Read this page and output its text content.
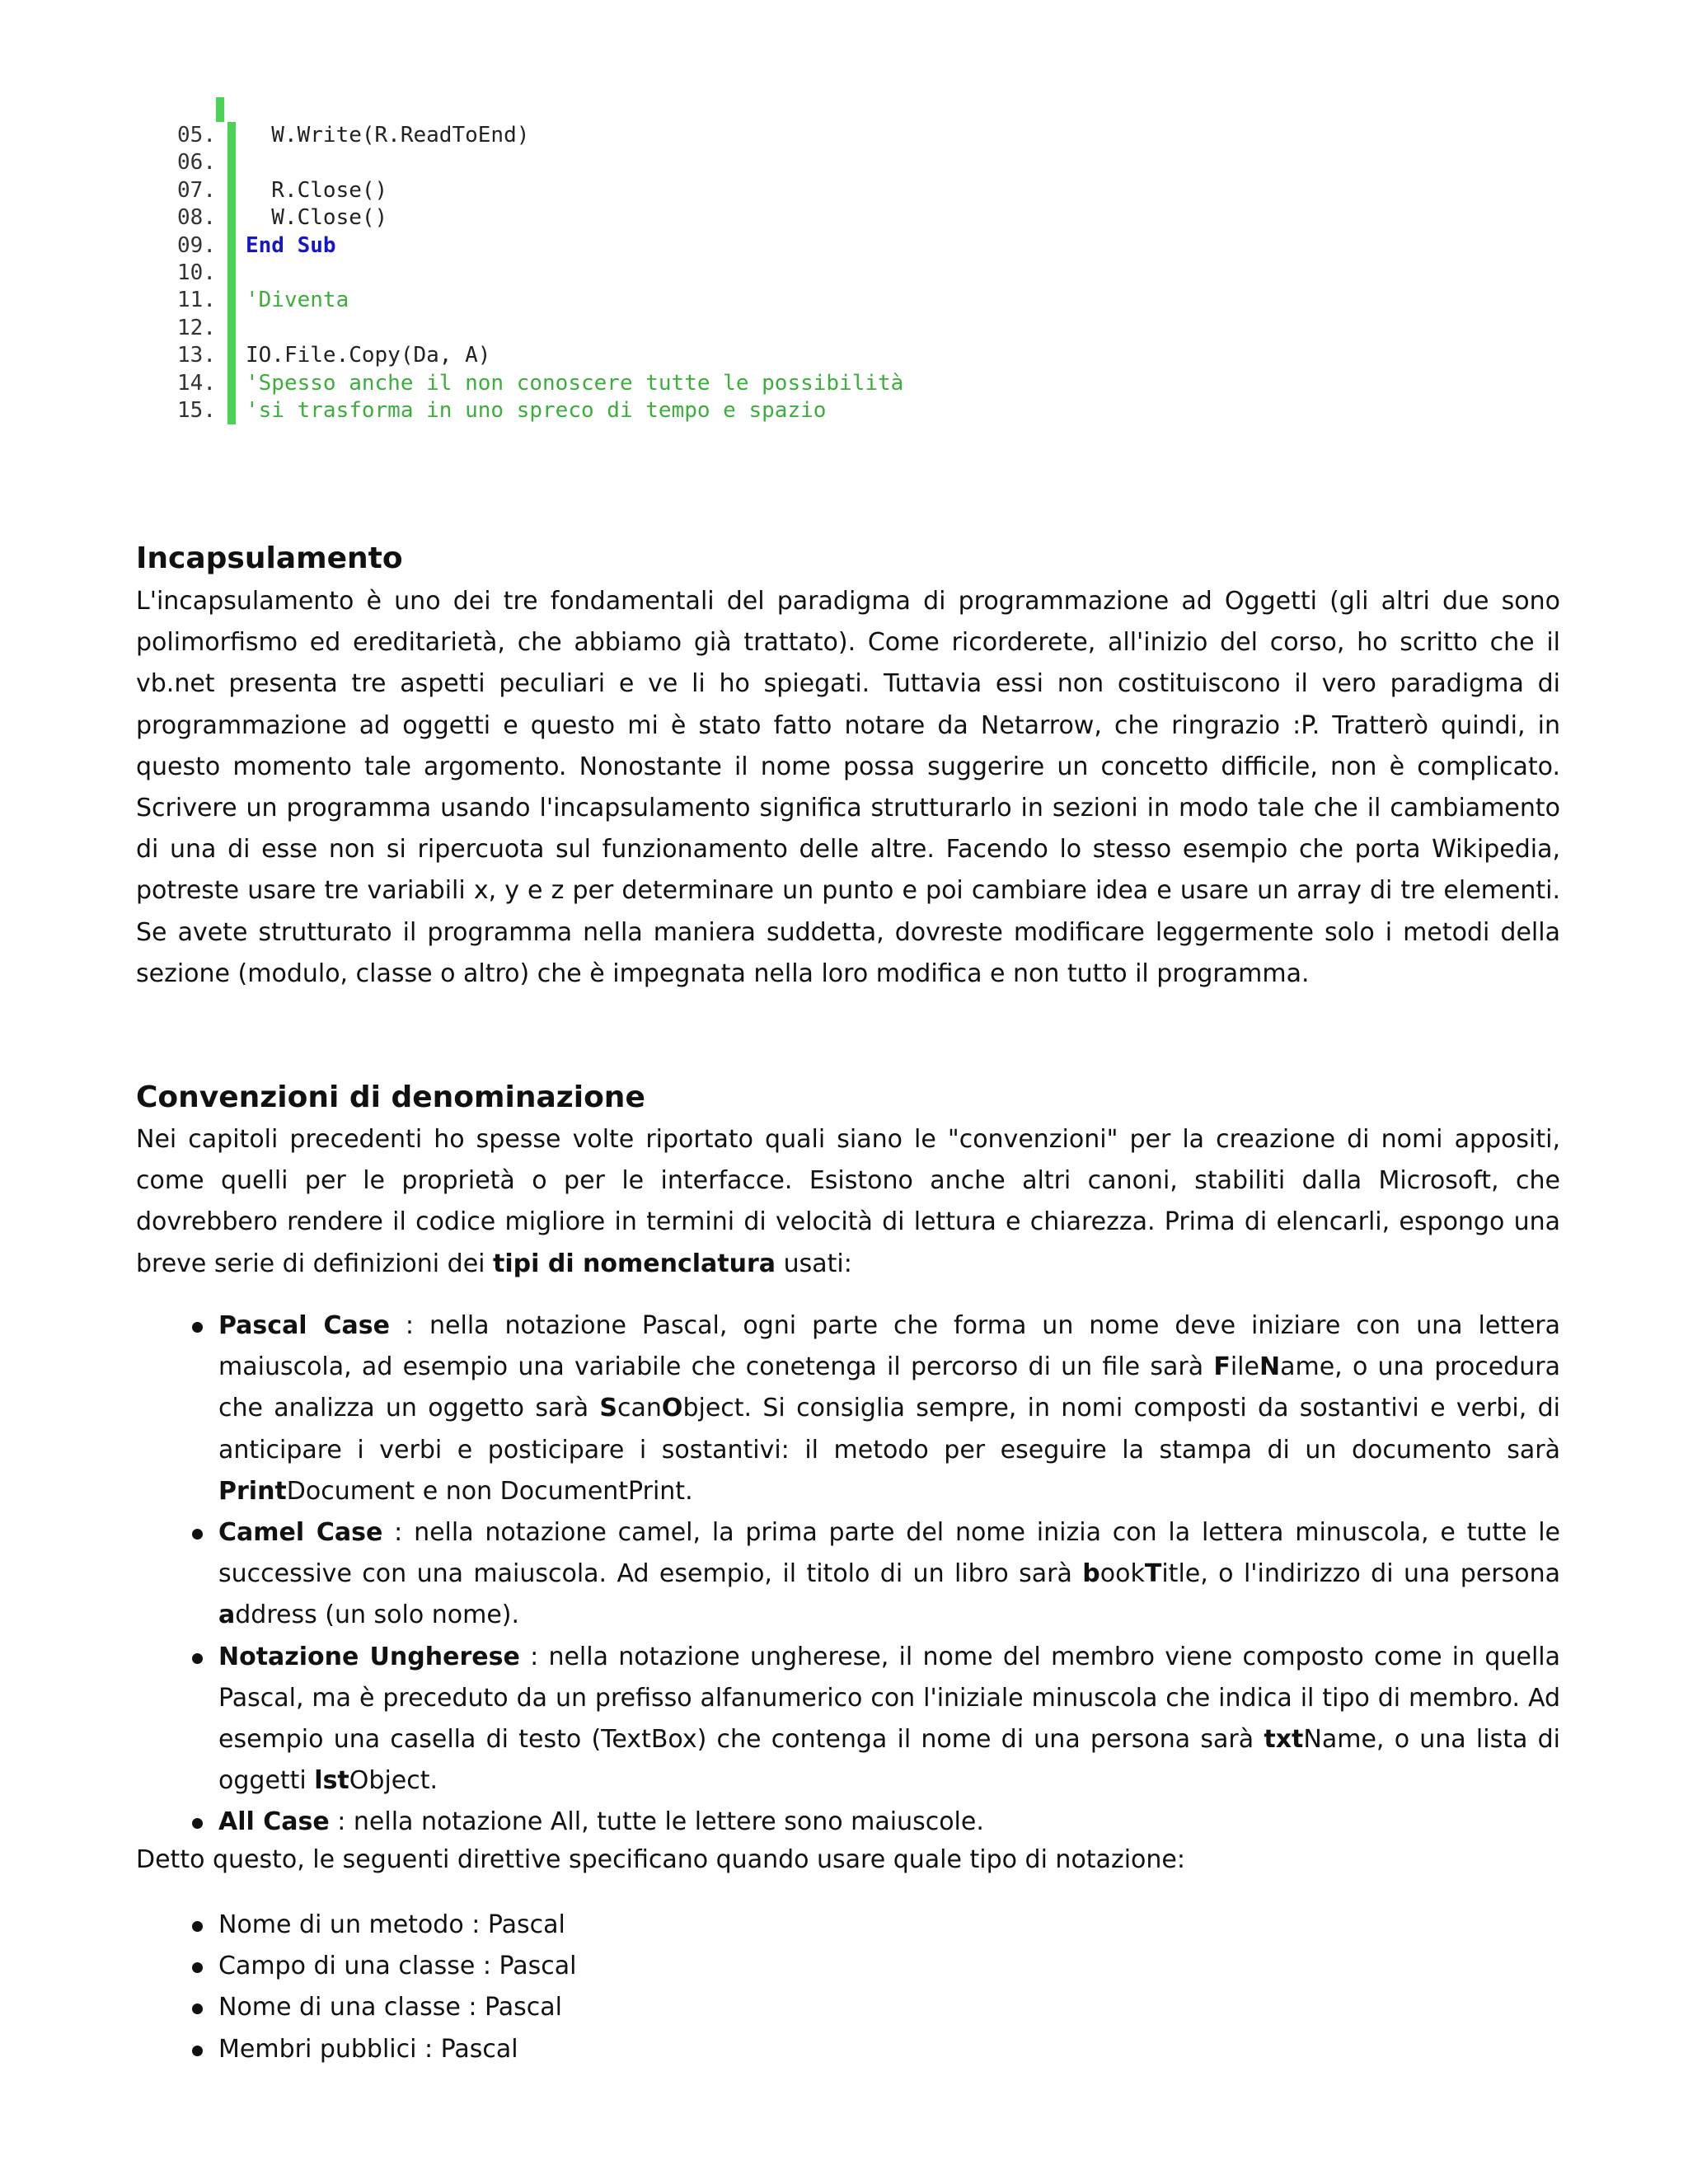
05. W.Write(R.ReadToEnd)
06.
07. R.Close()
08. W.Close()
09. End Sub
10.
11. 'Diventa
12.
13. IO.File.Copy(Da, A)
14. 'Spesso anche il non conoscere tutte le possibilità
15. 'si trasforma in uno spreco di tempo e spazio
Incapsulamento

L'incapsulamento è uno dei tre fondamentali del paradigma di programmazione ad Oggetti (gli altri due sono polimorfismo ed ereditarietà, che abbiamo già trattato). Come ricorderete, all'inizio del corso, ho scritto che il vb.net presenta tre aspetti peculiari e ve li ho spiegati. Tuttavia essi non costituiscono il vero paradigma di programmazione ad oggetti e questo mi è stato fatto notare da Netarrow, che ringrazio :P. Tratterò quindi, in questo momento tale argomento. Nonostante il nome possa suggerire un concetto difficile, non è complicato. Scrivere un programma usando l'incapsulamento significa strutturarlo in sezioni in modo tale che il cambiamento di una di esse non si ripercuota sul funzionamento delle altre. Facendo lo stesso esempio che porta Wikipedia, potreste usare tre variabili x, y e z per determinare un punto e poi cambiare idea e usare un array di tre elementi. Se avete strutturato il programma nella maniera suddetta, dovreste modificare leggermente solo i metodi della sezione (modulo, classe o altro) che è impegnata nella loro modifica e non tutto il programma.

Convenzioni di denominazione

Nei capitoli precedenti ho spesse volte riportato quali siano le "convenzioni" per la creazione di nomi appositi, come quelli per le proprietà o per le interfacce. Esistono anche altri canoni, stabiliti dalla Microsoft, che dovrebbero rendere il codice migliore in termini di velocità di lettura e chiarezza. Prima di elencarli, espongo una breve serie di definizioni dei tipi di nomenclatura usati:

Pascal Case : nella notazione Pascal, ogni parte che forma un nome deve iniziare con una lettera maiuscola, ad esempio una variabile che conetenga il percorso di un file sarà FileName, o una procedura che analizza un oggetto sarà ScanObject. Si consiglia sempre, in nomi composti da sostantivi e verbi, di anticipare i verbi e posticipare i sostantivi: il metodo per eseguire la stampa di un documento sarà PrintDocument e non DocumentPrint.
Camel Case : nella notazione camel, la prima parte del nome inizia con la lettera minuscola, e tutte le successive con una maiuscola. Ad esempio, il titolo di un libro sarà bookTitle, o l'indirizzo di una persona address (un solo nome).
Notazione Ungherese : nella notazione ungherese, il nome del membro viene composto come in quella Pascal, ma è preceduto da un prefisso alfanumerico con l'iniziale minuscola che indica il tipo di membro. Ad esempio una casella di testo (TextBox) che contenga il nome di una persona sarà txtName, o una lista di oggetti lstObject.
All Case : nella notazione All, tutte le lettere sono maiuscole.

Detto questo, le seguenti direttive specificano quando usare quale tipo di notazione:

Nome di un metodo : Pascal
Campo di una classe : Pascal
Nome di una classe : Pascal
Membri pubblici : Pascal
